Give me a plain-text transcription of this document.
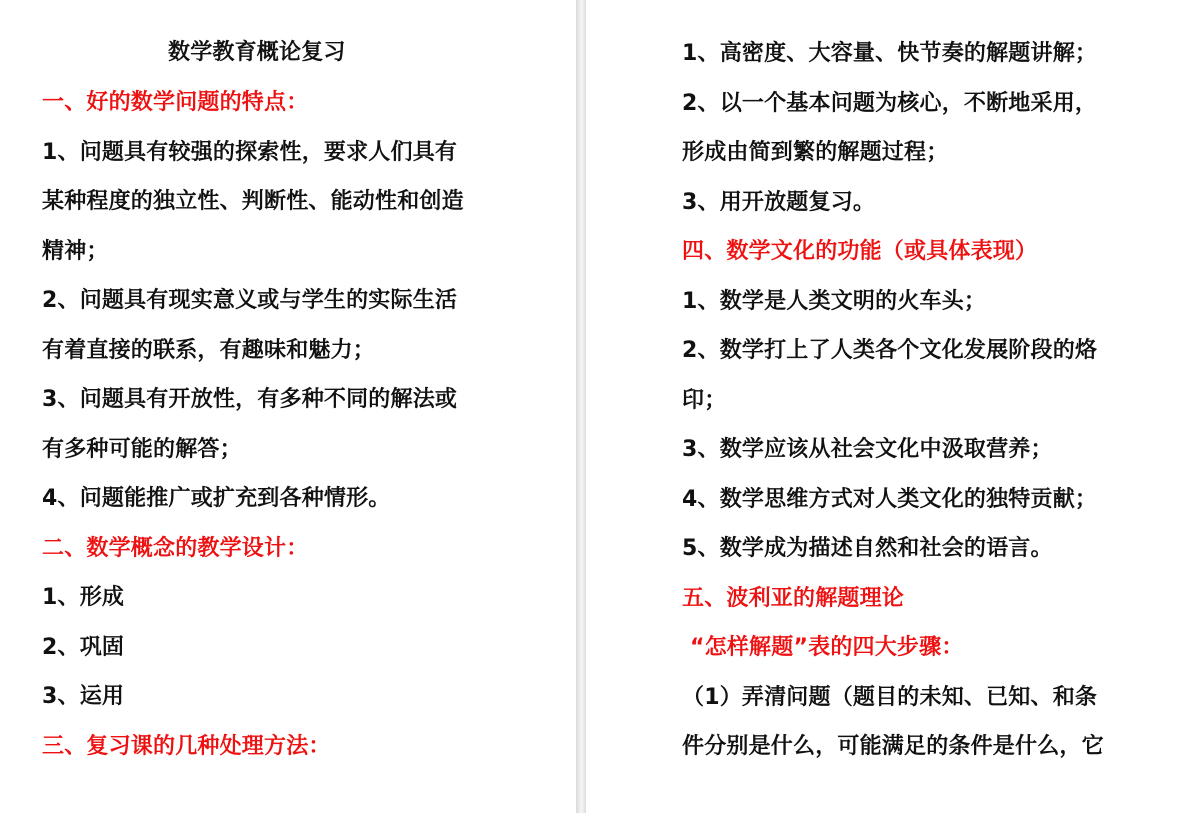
数学教育概论复习
一、好的数学问题的特点：
1、问题具有较强的探索性，要求人们具有
某种程度的独立性、判断性、能动性和创造
精神；
2、问题具有现实意义或与学生的实际生活
有着直接的联系，有趣味和魅力；
3、问题具有开放性，有多种不同的解法或
有多种可能的解答；
4、问题能推广或扩充到各种情形。
二、数学概念的教学设计：
1、形成
2、巩固
3、运用
三、复习课的几种处理方法：
1、高密度、大容量、快节奏的解题讲解；
2、以一个基本问题为核心，不断地采用，
形成由简到繁的解题过程；
3、用开放题复习。
四、数学文化的功能（或具体表现）
1、数学是人类文明的火车头；
2、数学打上了人类各个文化发展阶段的烙
印；
3、数学应该从社会文化中汲取营养；
4、数学思维方式对人类文化的独特贡献；
5、数学成为描述自然和社会的语言。
五、波利亚的解题理论
“怎样解题”表的四大步骤：
（1）弄清问题（题目的未知、已知、和条
件分别是什么，可能满足的条件是什么，它
